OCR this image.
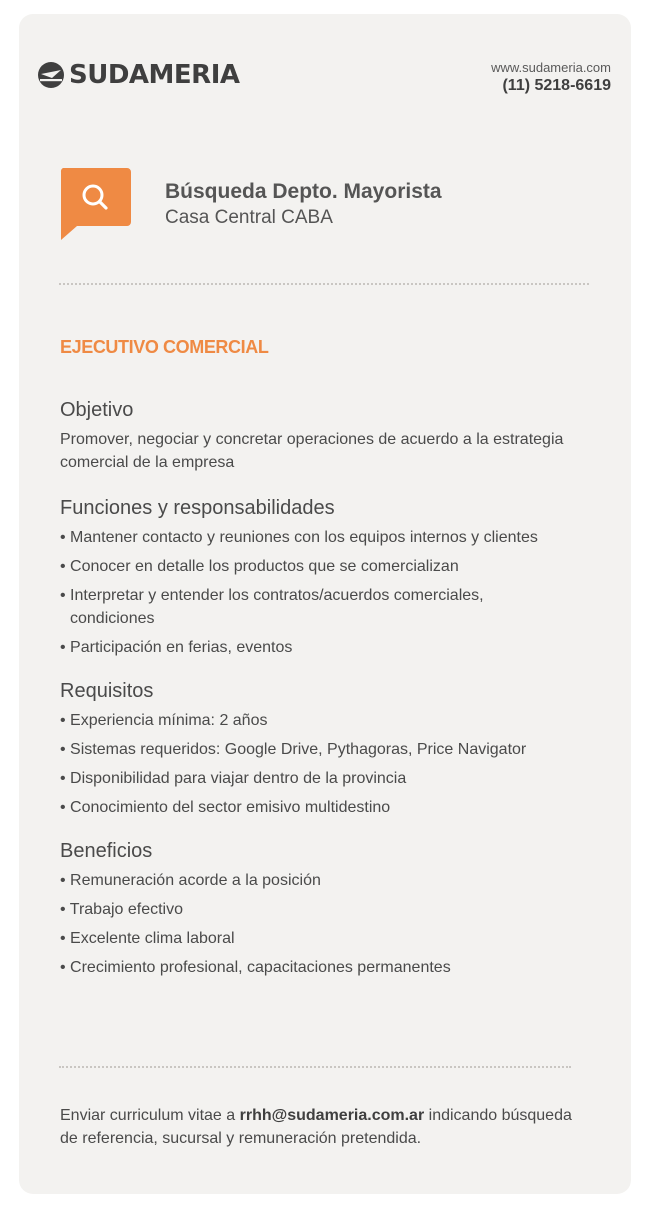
SUDAMERIA	www.sudameria.com
(11) 5218-6619
Búsqueda Depto. Mayorista
Casa Central CABA
EJECUTIVO COMERCIAL
Objetivo
Promover, negociar y concretar operaciones de acuerdo a la estrategia comercial de la empresa
Funciones y responsabilidades
• Mantener contacto y reuniones con los equipos internos y clientes
• Conocer en detalle los productos que se comercializan
• Interpretar y entender los contratos/acuerdos comerciales, condiciones
• Participación en ferias, eventos
Requisitos
• Experiencia mínima: 2 años
• Sistemas requeridos: Google Drive, Pythagoras, Price Navigator
• Disponibilidad para viajar dentro de la provincia
• Conocimiento del sector emisivo multidestino
Beneficios
• Remuneración acorde a la posición
• Trabajo efectivo
• Excelente clima laboral
• Crecimiento profesional, capacitaciones permanentes
Enviar curriculum vitae a rrhh@sudameria.com.ar indicando búsqueda de referencia, sucursal y remuneración pretendida.
